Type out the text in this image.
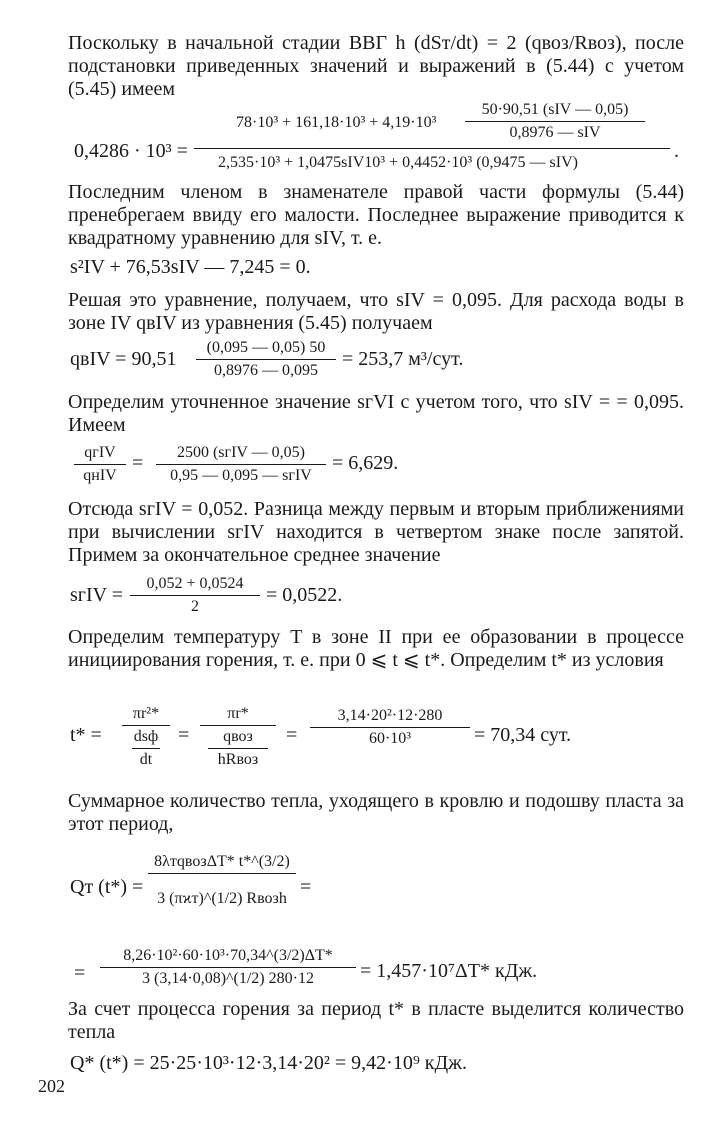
Поскольку в начальной стадии ВВГ h (dSт/dt) = 2 (qвоз/Rвоз), после подстановки приведенных значений и выражений в (5.44) с учетом (5.45) имеем
0,4286 · 10³ =
78·10³ + 161,18·10³ + 4,19·10³
50·90,51 (sIV — 0,05)
0,8976 — sIV
2,535·10³ + 1,0475sIV10³ + 0,4452·10³ (0,9475 — sIV)
.
Последним членом в знаменателе правой части формулы (5.44) пренебрегаем ввиду его малости. Последнее выражение приводится к квадратному уравнению для sIV, т. е.
s²IV + 76,53sIV — 7,245 = 0.
Решая это уравнение, получаем, что sIV = 0,095. Для расхода воды в зоне IV qвIV из уравнения (5.45) получаем
qвIV = 90,51
(0,095 — 0,05) 50
0,8976 — 0,095
= 253,7 м³/сут.
Определим уточненное значение sгVI с учетом того, что sIV = = 0,095. Имеем
qгIV
qнIV
= 2500 (sгIV — 0,05)
0,95 — 0,095 — sгIV
= 6,629.
Отсюда sгIV = 0,052. Разница между первым и вторым приближениями при вычислении sгIV находится в четвертом знаке после запятой. Примем за окончательное среднее значение
sгIV =
0,052 + 0,0524
2
= 0,0522.
Определим температуру T в зоне II при ее образовании в процессе инициирования горения, т. е. при 0 ⩽ t ⩽ t*. Определим t* из условия
t* =
πr²*
dsф
dt
=
πr*
qвоз
hRвоз
=
3,14·20²·12·280
60·10³	= 70,34 сут.
Суммарное количество тепла, уходящего в кровлю и подошву пласта за этот период,
Qт (t*) =
8λтqвозΔT* t*^(3/2)
3 (πϰт)^(1/2) Rвозh
=
=
8,26·10²·60·10³·70,34^(3/2)ΔT*
3 (3,14·0,08)^(1/2) 280·12 = 1,457·10⁷ΔT* кДж.
За счет процесса горения за период t* в пласте выделится количество тепла
Q* (t*) = 25·25·10³·12·3,14·20² = 9,42·10⁹ кДж.
202
